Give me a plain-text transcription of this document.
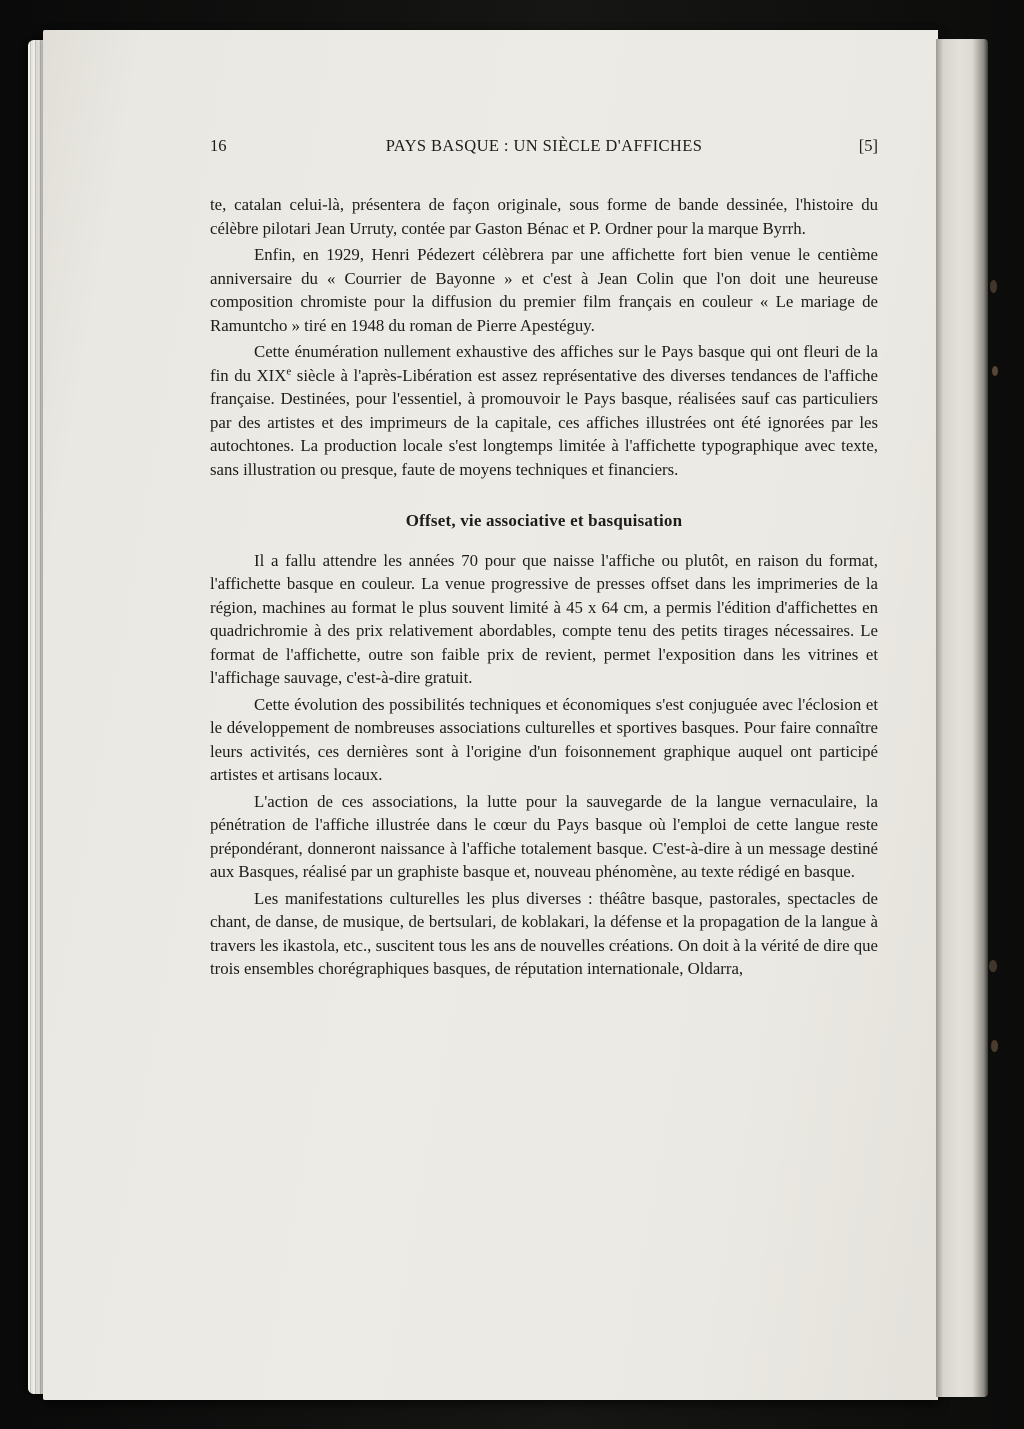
16	PAYS BASQUE : UN SIÈCLE D'AFFICHES	[5]

te, catalan celui-là, présentera de façon originale, sous forme de bande dessinée, l'histoire du célèbre pilotari Jean Urruty, contée par Gaston Bénac et P. Ordner pour la marque Byrrh.

Enfin, en 1929, Henri Pédezert célèbrera par une affichette fort bien venue le centième anniversaire du « Courrier de Bayonne » et c'est à Jean Colin que l'on doit une heureuse composition chromiste pour la diffusion du premier film français en couleur « Le mariage de Ramuntcho » tiré en 1948 du roman de Pierre Apestéguy.

Cette énumération nullement exhaustive des affiches sur le Pays basque qui ont fleuri de la fin du XIXe siècle à l'après-Libération est assez représentative des diverses tendances de l'affiche française. Destinées, pour l'essentiel, à promouvoir le Pays basque, réalisées sauf cas particuliers par des artistes et des imprimeurs de la capitale, ces affiches illustrées ont été ignorées par les autochtones. La production locale s'est longtemps limitée à l'affichette typographique avec texte, sans illustration ou presque, faute de moyens techniques et financiers.

Offset, vie associative et basquisation

Il a fallu attendre les années 70 pour que naisse l'affiche ou plutôt, en raison du format, l'affichette basque en couleur. La venue progressive de presses offset dans les imprimeries de la région, machines au format le plus souvent limité à 45 x 64 cm, a permis l'édition d'affichettes en quadrichromie à des prix relativement abordables, compte tenu des petits tirages nécessaires. Le format de l'affichette, outre son faible prix de revient, permet l'exposition dans les vitrines et l'affichage sauvage, c'est-à-dire gratuit.

Cette évolution des possibilités techniques et économiques s'est conjuguée avec l'éclosion et le développement de nombreuses associations culturelles et sportives basques. Pour faire connaître leurs activités, ces dernières sont à l'origine d'un foisonnement graphique auquel ont participé artistes et artisans locaux.

L'action de ces associations, la lutte pour la sauvegarde de la langue vernaculaire, la pénétration de l'affiche illustrée dans le cœur du Pays basque où l'emploi de cette langue reste prépondérant, donneront naissance à l'affiche totalement basque. C'est-à-dire à un message destiné aux Basques, réalisé par un graphiste basque et, nouveau phénomène, au texte rédigé en basque.

Les manifestations culturelles les plus diverses : théâtre basque, pastorales, spectacles de chant, de danse, de musique, de bertsulari, de koblakari, la défense et la propagation de la langue à travers les ikastola, etc., suscitent tous les ans de nouvelles créations. On doit à la vérité de dire que trois ensembles chorégraphiques basques, de réputation internationale, Oldarra,
